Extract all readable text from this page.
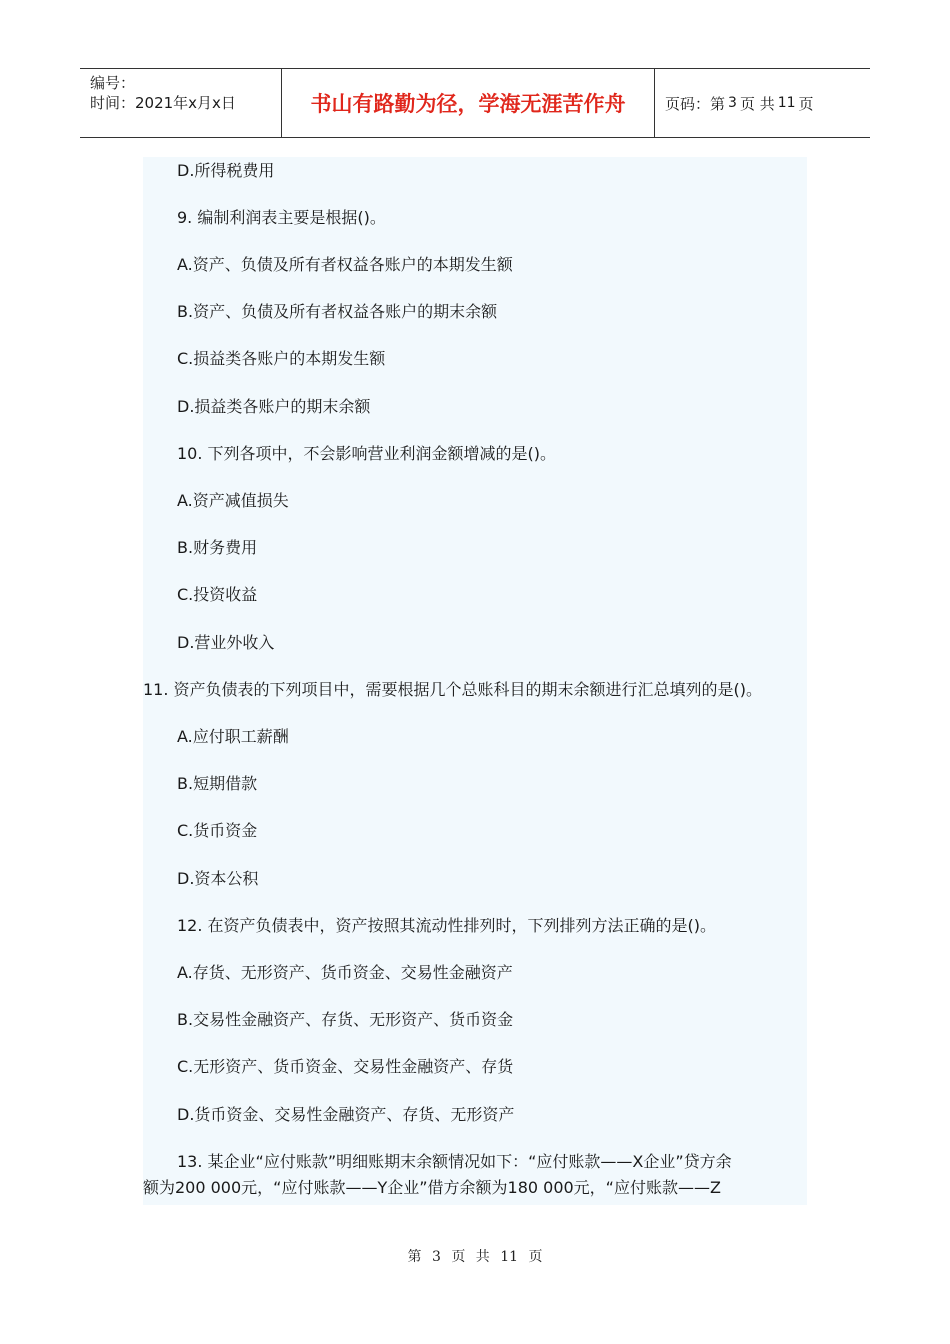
编号：
时间：2021年x月x日	书山有路勤为径，学海无涯苦作舟	页码：第 3 页 共 11 页
D.所得税费用
9. 编制利润表主要是根据()。
A.资产、负债及所有者权益各账户的本期发生额
B.资产、负债及所有者权益各账户的期末余额
C.损益类各账户的本期发生额
D.损益类各账户的期末余额
10. 下列各项中，不会影响营业利润金额增减的是()。
A.资产减值损失
B.财务费用
C.投资收益
D.营业外收入
11. 资产负债表的下列项目中，需要根据几个总账科目的期末余额进行汇总填列的是()。
A.应付职工薪酬
B.短期借款
C.货币资金
D.资本公积
12. 在资产负债表中，资产按照其流动性排列时，下列排列方法正确的是()。
A.存货、无形资产、货币资金、交易性金融资产
B.交易性金融资产、存货、无形资产、货币资金
C.无形资产、货币资金、交易性金融资产、存货
D.货币资金、交易性金融资产、存货、无形资产
13. 某企业“应付账款”明细账期末余额情况如下：“应付账款——X企业”贷方余
额为200 000元，“应付账款——Y企业”借方余额为180 000元，“应付账款——Z
第 3 页 共 11 页
